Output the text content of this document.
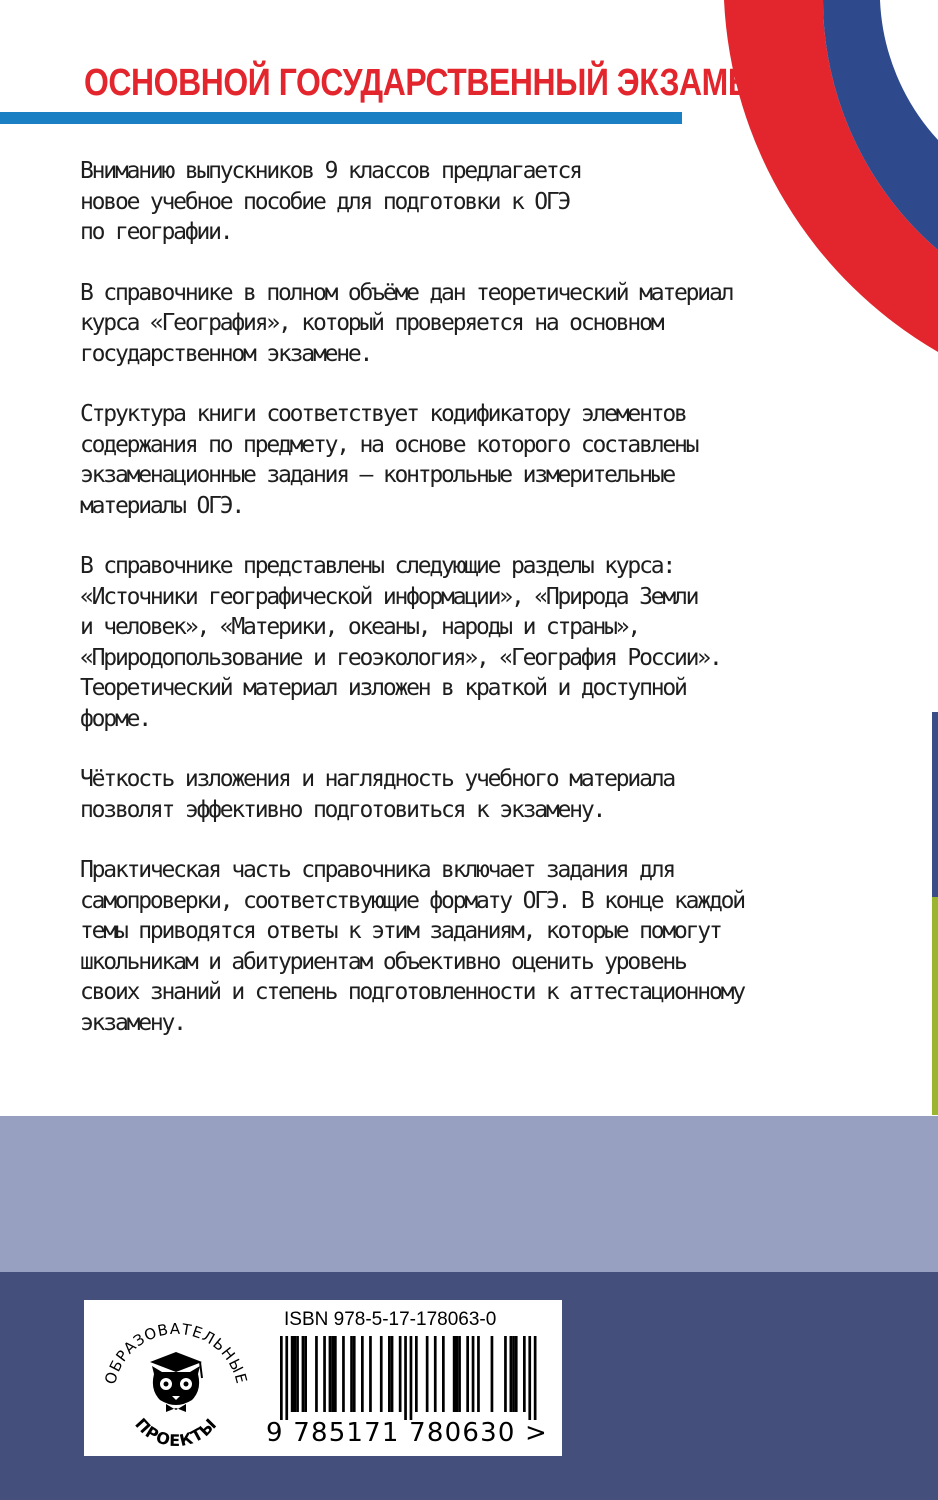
ОСНОВНОЙ ГОСУДАРСТВЕННЫЙ ЭКЗАМЕН

Вниманию выпускников 9 классов предлагается
новое учебное пособие для подготовки к ОГЭ
по географии.

В справочнике в полном объёме дан теоретический материал
курса «География», который проверяется на основном
государственном экзамене.

Структура книги соответствует кодификатору элементов
содержания по предмету, на основе которого составлены
экзаменационные задания – контрольные измерительные
материалы ОГЭ.

В справочнике представлены следующие разделы курса:
«Источники географической информации», «Природа Земли
и человек», «Материки, океаны, народы и страны»,
«Природопользование и геоэкология», «География России».
Теоретический материал изложен в краткой и доступной
форме.

Чёткость изложения и наглядность учебного материала
позволят эффективно подготовиться к экзамену.

Практическая часть справочника включает задания для
самопроверки, соответствующие формату ОГЭ. В конце каждой
темы приводятся ответы к этим заданиям, которые помогут
школьникам и абитуриентам объективно оценить уровень
своих знаний и степень подготовленности к аттестационному
экзамену.

ОБРАЗОВАТЕЛЬНЫЕ
ПРОЕКТЫ
ISBN 978-5-17-178063-0
9 785171 780630 >
